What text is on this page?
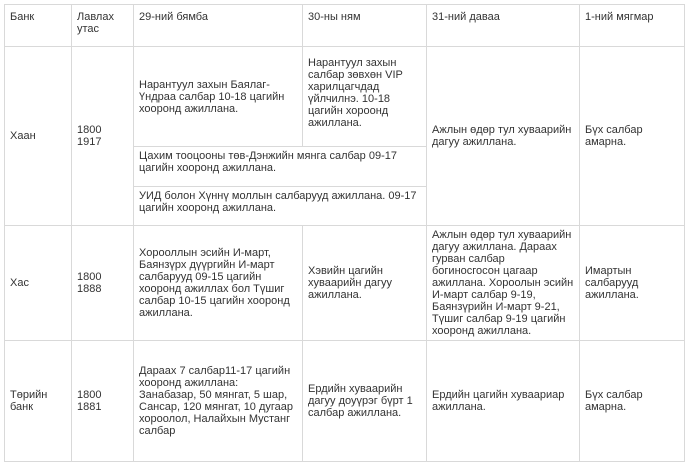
Банк	Лавлах утас	29-ний бямба	30-ны ням	31-ний даваа	1-ний мягмар
Хаан	1800 1917	Нарантуул захын Баялаг-Үндраа салбар 10-18 цагийн хооронд ажиллана.	Нарантуул захын салбар зөвхөн VIP харилцагчдад үйлчилнэ. 10-18 цагийн хороонд ажиллана.	Ажлын өдөр тул хуваарийн дагуу ажиллана.	Бүх салбар амарна.
		Цахим тооцооны төв-Дэнжийн мянга салбар 09-17 цагийн хооронд ажиллана.			
		УИД болон Хүннү моллын салбарууд ажиллана. 09-17 цагийн хооронд ажиллана.			
Хас	1800 1888	Хорооллын эсийн И-март, Баянзүрх дүүргийн И-март салбарууд 09-15 цагийн хооронд ажиллах бол Түшиг салбар 10-15 цагийн хооронд ажиллана.	Хэвийн цагийн хуваарийн дагуу ажиллана.	Ажлын өдөр тул хуваарийн дагуу ажиллана. Дараах гурван салбар богиносгосон цагаар ажиллана. Хороолын эсийн И-март салбар 9-19, Баянзүрийн И-март 9-21, Түшиг салбар 9-19 цагийн хооронд ажиллана.	Имартын салбарууд ажиллана.
Төрийн банк	1800 1881	Дараах 7 салбар11-17 цагийн хооронд ажиллана: Занабазар, 50 мянгат, 5 шар, Сансар, 120 мянгат, 10 дугаар хороолол, Налайхын Мустанг салбар	Ердийн хуваарийн дагуу доуүрэг бүрт 1 салбар ажиллана.	Ердийн цагийн хуваариар ажиллана.	Бүх салбар амарна.
